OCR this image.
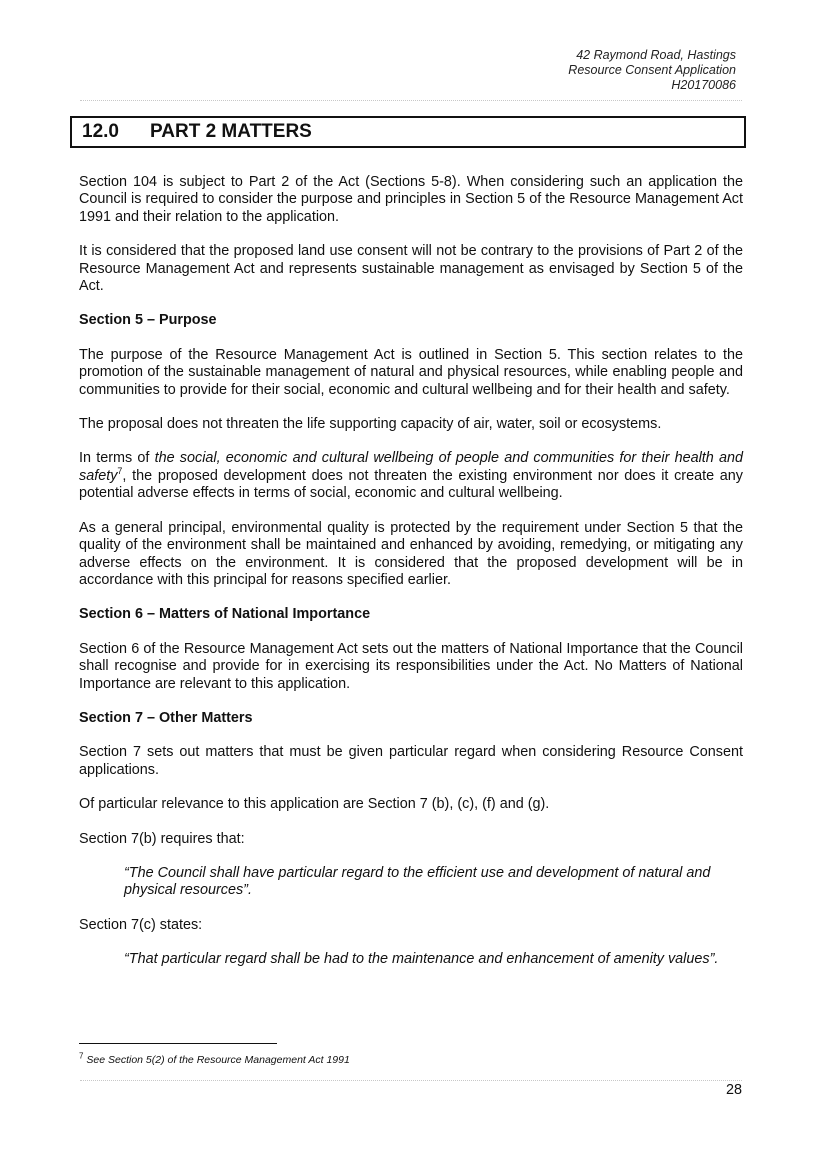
42 Raymond Road, Hastings
Resource Consent Application
H20170086
12.0 PART 2 MATTERS

Section 104 is subject to Part 2 of the Act (Sections 5-8). When considering such an application the Council is required to consider the purpose and principles in Section 5 of the Resource Management Act 1991 and their relation to the application.

It is considered that the proposed land use consent will not be contrary to the provisions of Part 2 of the Resource Management Act and represents sustainable management as envisaged by Section 5 of the Act.

Section 5 – Purpose

The purpose of the Resource Management Act is outlined in Section 5. This section relates to the promotion of the sustainable management of natural and physical resources, while enabling people and communities to provide for their social, economic and cultural wellbeing and for their health and safety.

The proposal does not threaten the life supporting capacity of air, water, soil or ecosystems.

In terms of the social, economic and cultural wellbeing of people and communities for their health and safety$^7$, the proposed development does not threaten the existing environment nor does it create any potential adverse effects in terms of social, economic and cultural wellbeing.

As a general principal, environmental quality is protected by the requirement under Section 5 that the quality of the environment shall be maintained and enhanced by avoiding, remedying, or mitigating any adverse effects on the environment. It is considered that the proposed development will be in accordance with this principal for reasons specified earlier.

Section 6 – Matters of National Importance

Section 6 of the Resource Management Act sets out the matters of National Importance that the Council shall recognise and provide for in exercising its responsibilities under the Act. No Matters of National Importance are relevant to this application.

Section 7 – Other Matters

Section 7 sets out matters that must be given particular regard when considering Resource Consent applications.

Of particular relevance to this application are Section 7 (b), (c), (f) and (g).

Section 7(b) requires that:

“The Council shall have particular regard to the efficient use and development of natural and physical resources”.

Section 7(c) states:

“That particular regard shall be had to the maintenance and enhancement of amenity values”.
$^7$ See Section 5(2) of the Resource Management Act 1991
28
